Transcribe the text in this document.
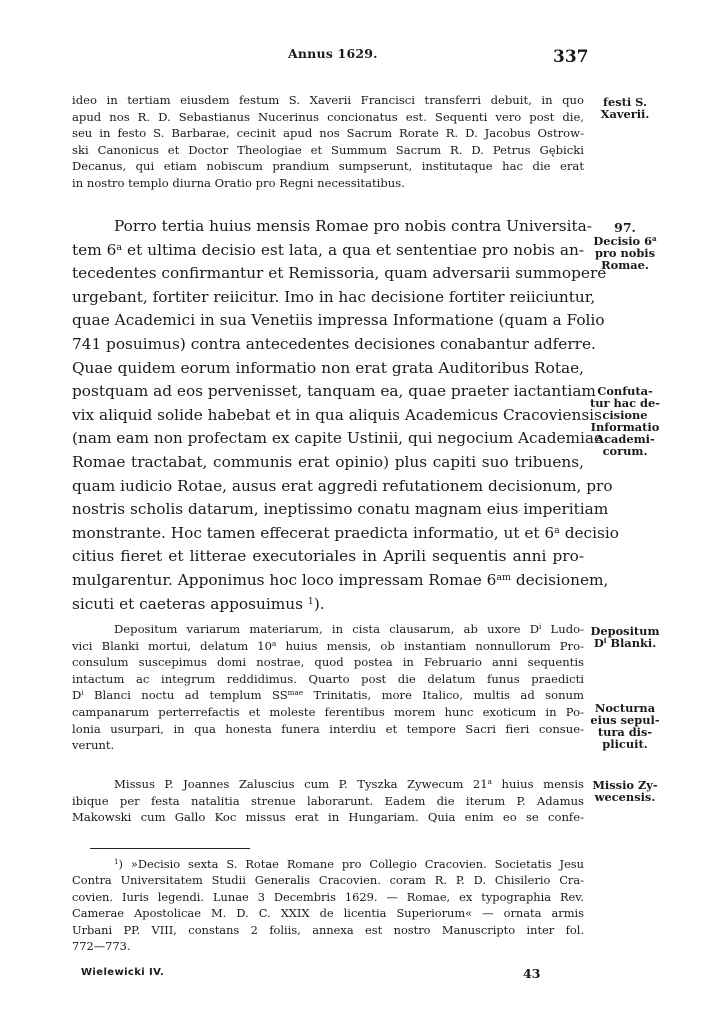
Annus 1629.	337
ideo in tertiam eiusdem festum S. Xaverii Francisci transferri debuit, in quo
apud nos R. D. Sebastianus Nucerinus concionatus est. Sequenti vero post die,
seu in festo S. Barbarae, cecinit apud nos Sacrum Rorate R. D. Jacobus Ostrow-
ski Canonicus et Doctor Theologiae et Summum Sacrum R. D. Petrus Gębicki
Decanus, qui etiam nobiscum prandium sumpserunt, institutaque hac die erat
in nostro templo diurna Oratio pro Regni necessitatibus.
festi S.
Xaverii.
Porro tertia huius mensis Romae pro nobis contra Universita-
tem 6$^a$ et ultima decisio est lata, a qua et sententiae pro nobis an-
tecedentes confirmantur et Remissoria, quam adversarii summopere
urgebant, fortiter reiicitur. Imo in hac decisione fortiter reiiciuntur,
quae Academici in sua Venetiis impressa Informatione (quam a Folio
741 posuimus) contra antecedentes decisiones conabantur adferre.
Quae quidem eorum informatio non erat grata Auditoribus Rotae,
postquam ad eos pervenisset, tanquam ea, quae praeter iactantiam
vix aliquid solide habebat et in qua aliquis Academicus Cracoviensis
(nam eam non profectam ex capite Ustinii, qui negocium Academiae
Romae tractabat, communis erat opinio) plus capiti suo tribuens,
quam iudicio Rotae, ausus erat aggredi refutationem decisionum, pro
nostris scholis datarum, ineptissimo conatu magnam eius imperitiam
monstrante. Hoc tamen effecerat praedicta informatio, ut et 6$^a$ decisio
citius fieret et litterae executoriales in Aprili sequentis anni pro-
mulgarentur. Apponimus hoc loco impressam Romae $6^{am}$ decisionem,
sicuti et caeteras apposuimus $^1$).
97.
Decisio 6$^a$
pro nobis
Romae.
Confuta-
tur hac de-
cisione
Informatio
Academi-
corum.
Depositum variarum materiarum, in cista clausarum, ab uxore $D^i$ Ludo-
vici Blanki mortui, delatum 10$^a$ huius mensis, ob instantiam nonnullorum Pro-
consulum suscepimus domi nostrae, quod postea in Februario anni sequentis
intactum ac integrum reddidimus. Quarto post die delatum funus praedicti
$D^i$ Blanci noctu ad templum $SS^{mae}$ Trinitatis, more Italico, multis ad sonum
campanarum perterrefactis et moleste ferentibus morem hunc exoticum in Po-
lonia usurpari, in qua honesta funera interdiu et tempore Sacri fieri consue-
verunt.
Depositum
$D^i$ Blanki.
Nocturna
eius sepul-
tura dis-
plicuit.
Missus P. Joannes Zaluscius cum P. Tyszka Zywecum 21$^a$ huius mensis
ibique per festa natalitia strenue laborarunt. Eadem die iterum P. Adamus
Makowski cum Gallo Koc missus erat in Hungariam. Quia enim eo se confe-
Missio Zy-
wecensis.
$^1$) »Decisio sexta S. Rotae Romane pro Collegio Cracovien. Societatis Jesu
Contra Universitatem Studii Generalis Cracovien. coram R. P. D. Chisilerio Cra-
covien. Iuris legendi. Lunae 3 Decembris 1629. — Romae, ex typographia Rev.
Camerae Apostolicae M. D. C. XXIX de licentia Superiorum« — ornata armis
Urbani PP. VIII, constans 2 foliis, annexa est nostro Manuscripto inter fol.
772—773.
Wielewicki IV.	43
